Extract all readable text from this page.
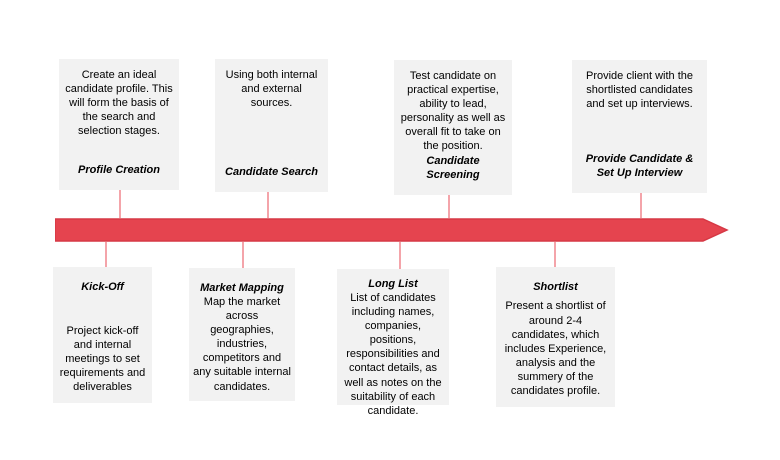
Create an ideal candidate profile. This will form the basis of the search and selection stages.
Profile Creation
Using both internal and external sources.
Candidate Search
Test candidate on practical expertise, ability to lead, personality as well as overall fit to take on the position.
Candidate Screening
Provide client with the shortlisted candidates and set up interviews.
Provide Candidate & Set Up Interview
Kick-Off
Project kick-off and internal meetings to set requirements and deliverables
Market Mapping
Map the market across geographies, industries, competitors and any suitable internal candidates.
Long List
List of candidates including names, companies, positions, responsibilities and contact details, as well as notes on the suitability of each candidate.
Shortlist
Present a shortlist of around 2-4 candidates, which includes Experience, analysis and the summery of the candidates profile.
